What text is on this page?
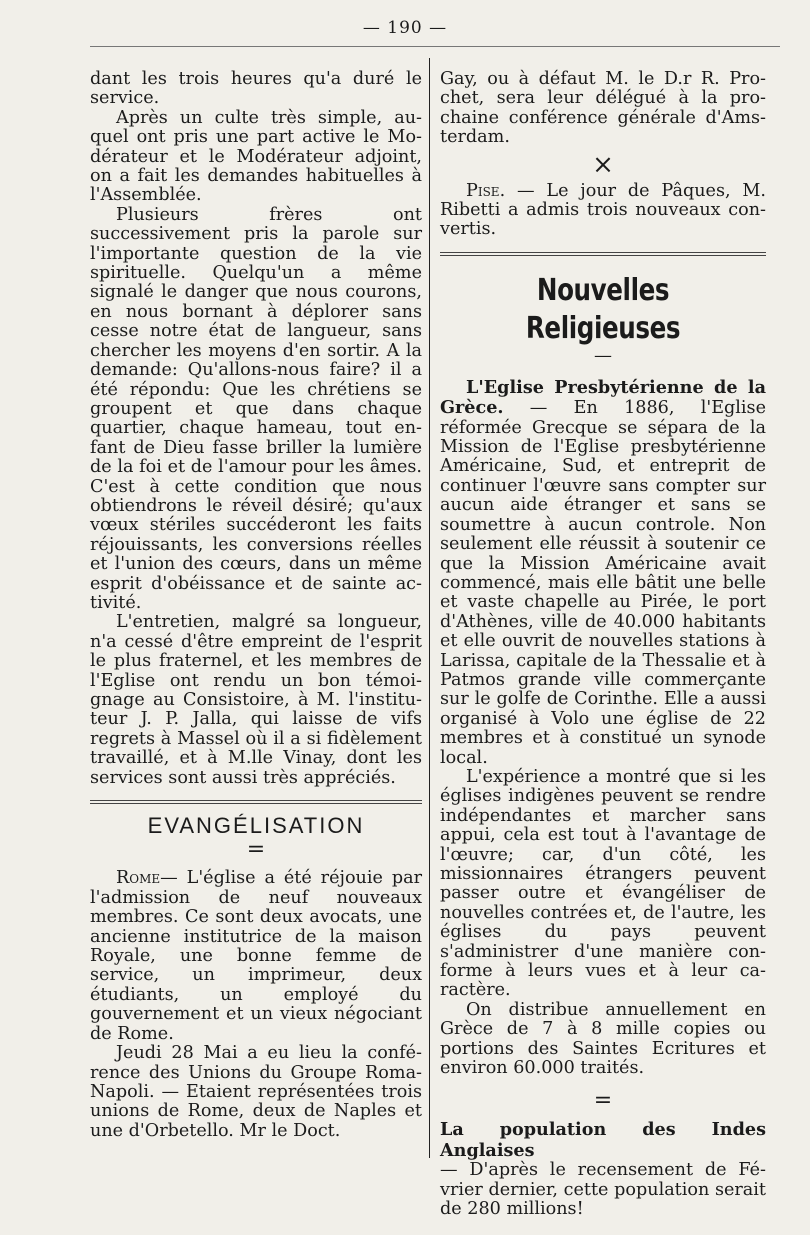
— 190 —

dant les trois heures qu'a duré le service.

Après un culte très simple, auquel ont pris une part active le Modérateur et le Modérateur adjoint, on a fait les demandes habituelles à l'Assemblée.

Plusieurs frères ont successivement pris la parole sur l'importante question de la vie spirituelle. Quelqu'un a même signalé le danger que nous courons, en nous bornant à déplorer sans cesse notre état de langueur, sans chercher les moyens d'en sortir. A la demande: Qu'allons-nous faire? il a été répondu: Que les chrétiens se groupent et que dans chaque quartier, chaque hameau, tout enfant de Dieu fasse briller la lumière de la foi et de l'amour pour les âmes. C'est à cette condition que nous obtiendrons le réveil désiré; qu'aux vœux stériles succéderont les faits réjouissants, les conversions réelles et l'union des cœurs, dans un même esprit d'obéissance et de sainte activité.

L'entretien, malgré sa longueur, n'a cessé d'être empreint de l'esprit le plus fraternel, et les membres de l'Eglise ont rendu un bon témoignage au Consistoire, à M. l'instituteur J. P. Jalla, qui laisse de vifs regrets à Massel où il a si fidèlement travaillé, et à M.lle Vinay, dont les services sont aussi très appréciés.

EVANGÉLISATION
=

Rome— L'église a été réjouie par l'admission de neuf nouveaux membres. Ce sont deux avocats, une ancienne institutrice de la maison Royale, une bonne femme de service, un imprimeur, deux étudiants, un employé du gouvernement et un vieux négociant de Rome.

Jeudi 28 Mai a eu lieu la conférence des Unions du Groupe Roma-Napoli. — Etaient représentées trois unions de Rome, deux de Naples et une d'Orbetello. Mr le Doct.

Gay, ou à défaut M. le D.r R. Prochet, sera leur délégué à la prochaine conférence générale d'Amsterdam.

×

Pise. — Le jour de Pâques, M. Ribetti a admis trois nouveaux convertis.

Nouvelles Religieuses
—

L'Eglise Presbytérienne de la Grèce. — En 1886, l'Eglise réformée Grecque se sépara de la Mission de l'Eglise presbytérienne Américaine, Sud, et entreprit de continuer l'œuvre sans compter sur aucun aide étranger et sans se soumettre à aucun controle. Non seulement elle réussit à soutenir ce que la Mission Américaine avait commencé, mais elle bâtit une belle et vaste chapelle au Pirée, le port d'Athènes, ville de 40.000 habitants et elle ouvrit de nouvelles stations à Larissa, capitale de la Thessalie et à Patmos grande ville commerçante sur le golfe de Corinthe. Elle a aussi organisé à Volo une église de 22 membres et à constitué un synode local.

L'expérience a montré que si les églises indigènes peuvent se rendre indépendantes et marcher sans appui, cela est tout à l'avantage de l'œuvre; car, d'un côté, les missionnaires étrangers peuvent passer outre et évangéliser de nouvelles contrées et, de l'autre, les églises du pays peuvent s'administrer d'une manière conforme à leurs vues et à leur caractère.

On distribue annuellement en Grèce de 7 à 8 mille copies ou portions des Saintes Ecritures et environ 60.000 traités.

=

La population des Indes Anglaises
— D'après le recensement de Février dernier, cette population serait de 280 millions!
